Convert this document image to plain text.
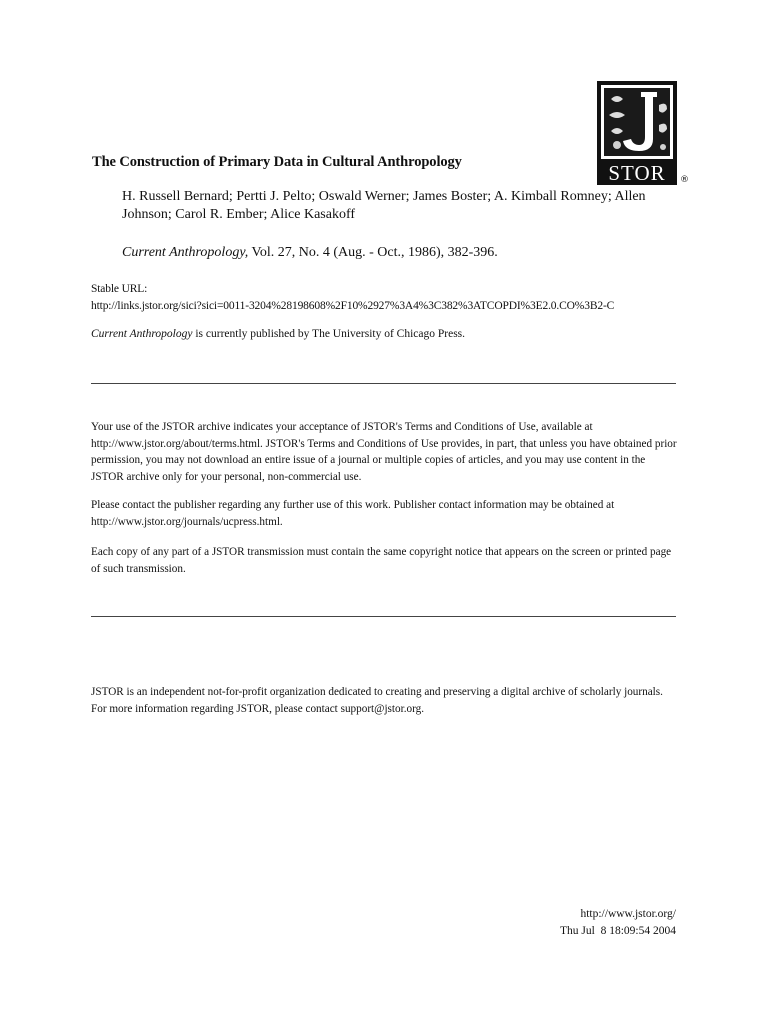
STOR ®
The Construction of Primary Data in Cultural Anthropology
H. Russell Bernard; Pertti J. Pelto; Oswald Werner; James Boster; A. Kimball Romney; Allen Johnson; Carol R. Ember; Alice Kasakoff
Current Anthropology, Vol. 27, No. 4 (Aug. - Oct., 1986), 382-396.
Stable URL:
http://links.jstor.org/sici?sici=0011-3204%28198608%2F10%2927%3A4%3C382%3ATCOPDI%3E2.0.CO%3B2-C
Current Anthropology is currently published by The University of Chicago Press.
Your use of the JSTOR archive indicates your acceptance of JSTOR's Terms and Conditions of Use, available at http://www.jstor.org/about/terms.html. JSTOR's Terms and Conditions of Use provides, in part, that unless you have obtained prior permission, you may not download an entire issue of a journal or multiple copies of articles, and you may use content in the JSTOR archive only for your personal, non-commercial use.
Please contact the publisher regarding any further use of this work. Publisher contact information may be obtained at http://www.jstor.org/journals/ucpress.html.
Each copy of any part of a JSTOR transmission must contain the same copyright notice that appears on the screen or printed page of such transmission.
JSTOR is an independent not-for-profit organization dedicated to creating and preserving a digital archive of scholarly journals. For more information regarding JSTOR, please contact support@jstor.org.
http://www.jstor.org/
Thu Jul  8 18:09:54 2004
